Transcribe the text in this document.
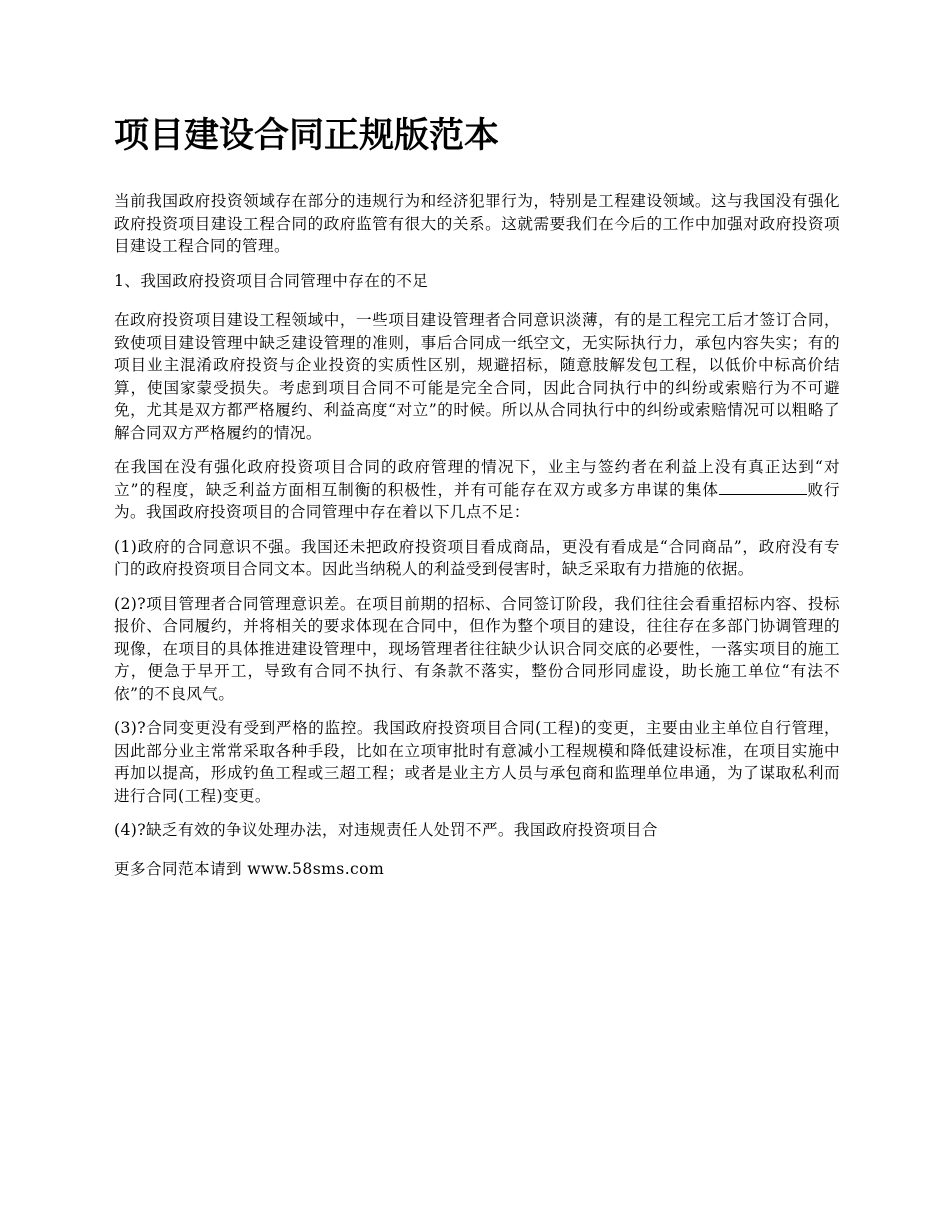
项目建设合同正规版范本

当前我国政府投资领域存在部分的违规行为和经济犯罪行为，特别是工程建设领域。这与我国没有强化政府投资项目建设工程合同的政府监管有很大的关系。这就需要我们在今后的工作中加强对政府投资项目建设工程合同的管理。

1、我国政府投资项目合同管理中存在的不足

在政府投资项目建设工程领域中，一些项目建设管理者合同意识淡薄，有的是工程完工后才签订合同，致使项目建设管理中缺乏建设管理的准则，事后合同成一纸空文，无实际执行力，承包内容失实；有的项目业主混淆政府投资与企业投资的实质性区别，规避招标，随意肢解发包工程，以低价中标高价结算，使国家蒙受损失。考虑到项目合同不可能是完全合同，因此合同执行中的纠纷或索赔行为不可避免，尤其是双方都严格履约、利益高度“对立”的时候。所以从合同执行中的纠纷或索赔情况可以粗略了解合同双方严格履约的情况。

在我国在没有强化政府投资项目合同的政府管理的情况下，业主与签约者在利益上没有真正达到“对立”的程度，缺乏利益方面相互制衡的积极性，并有可能存在双方或多方串谋的集体	败行为。我国政府投资项目的合同管理中存在着以下几点不足：

(1)政府的合同意识不强。我国还未把政府投资项目看成商品，更没有看成是“合同商品”，政府没有专门的政府投资项目合同文本。因此当纳税人的利益受到侵害时，缺乏采取有力措施的依据。

(2)?项目管理者合同管理意识差。在项目前期的招标、合同签订阶段，我们往往会看重招标内容、投标报价、合同履约，并将相关的要求体现在合同中，但作为整个项目的建设，往往存在多部门协调管理的现像，在项目的具体推进建设管理中，现场管理者往往缺少认识合同交底的必要性，一落实项目的施工方，便急于早开工，导致有合同不执行、有条款不落实，整份合同形同虚设，助长施工单位“有法不依”的不良风气。

(3)?合同变更没有受到严格的监控。我国政府投资项目合同(工程)的变更，主要由业主单位自行管理，因此部分业主常常采取各种手段，比如在立项审批时有意减小工程规模和降低建设标准，在项目实施中再加以提高，形成钓鱼工程或三超工程；或者是业主方人员与承包商和监理单位串通，为了谋取私利而进行合同(工程)变更。

(4)?缺乏有效的争议处理办法，对违规责任人处罚不严。我国政府投资项目合

更多合同范本请到 www.58sms.com
